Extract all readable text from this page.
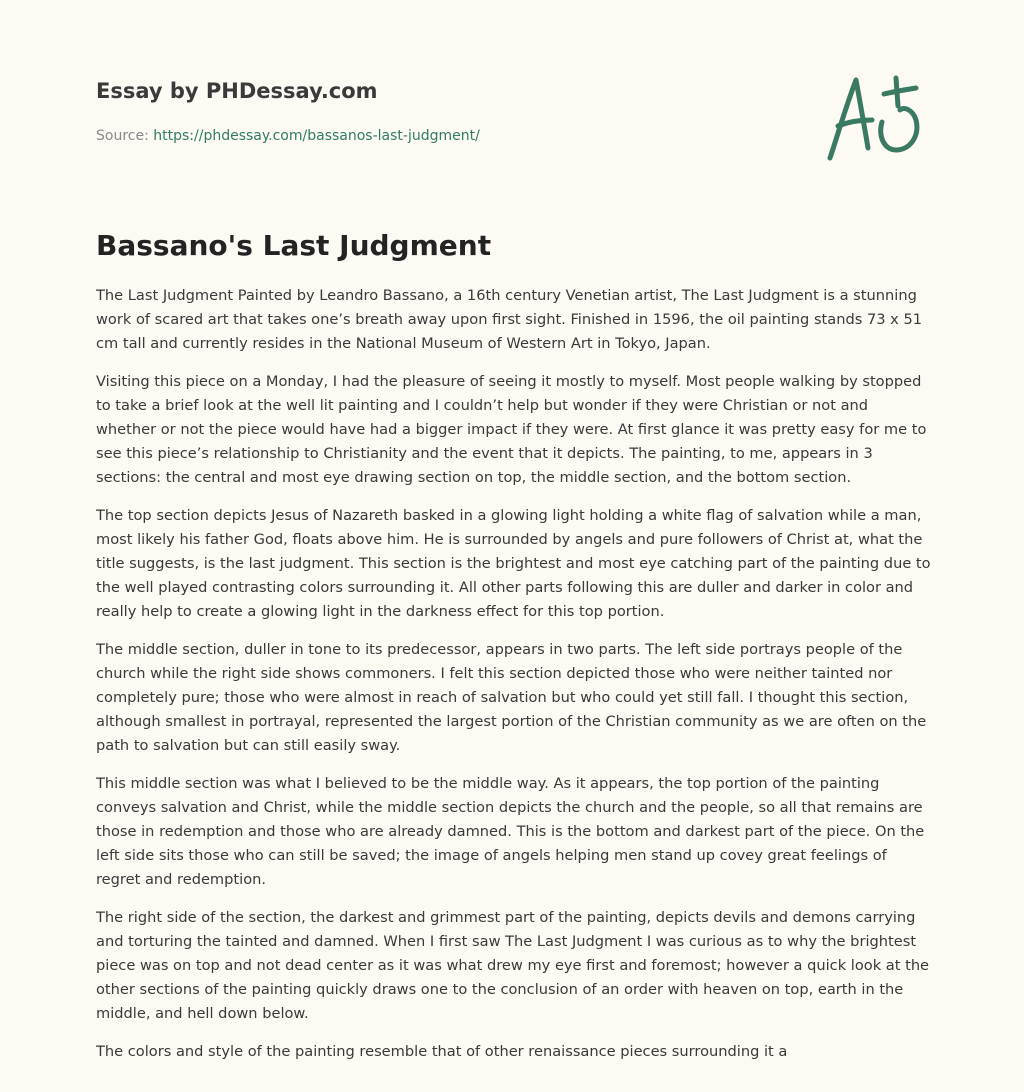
Essay by PHDessay.com
Source: https://phdessay.com/bassanos-last-judgment/
Bassano's Last Judgment

The Last Judgment Painted by Leandro Bassano, a 16th century Venetian artist, The Last Judgment is a stunning work of scared art that takes one’s breath away upon first sight. Finished in 1596, the oil painting stands 73 x 51 cm tall and currently resides in the National Museum of Western Art in Tokyo, Japan.

Visiting this piece on a Monday, I had the pleasure of seeing it mostly to myself. Most people walking by stopped to take a brief look at the well lit painting and I couldn’t help but wonder if they were Christian or not and whether or not the piece would have had a bigger impact if they were. At first glance it was pretty easy for me to see this piece’s relationship to Christianity and the event that it depicts. The painting, to me, appears in 3 sections: the central and most eye drawing section on top, the middle section, and the bottom section.

The top section depicts Jesus of Nazareth basked in a glowing light holding a white flag of salvation while a man, most likely his father God, floats above him. He is surrounded by angels and pure followers of Christ at, what the title suggests, is the last judgment. This section is the brightest and most eye catching part of the painting due to the well played contrasting colors surrounding it. All other parts following this are duller and darker in color and really help to create a glowing light in the darkness effect for this top portion.

The middle section, duller in tone to its predecessor, appears in two parts. The left side portrays people of the church while the right side shows commoners. I felt this section depicted those who were neither tainted nor completely pure; those who were almost in reach of salvation but who could yet still fall. I thought this section, although smallest in portrayal, represented the largest portion of the Christian community as we are often on the path to salvation but can still easily sway.

This middle section was what I believed to be the middle way. As it appears, the top portion of the painting conveys salvation and Christ, while the middle section depicts the church and the people, so all that remains are those in redemption and those who are already damned. This is the bottom and darkest part of the piece. On the left side sits those who can still be saved; the image of angels helping men stand up covey great feelings of regret and redemption.

The right side of the section, the darkest and grimmest part of the painting, depicts devils and demons carrying and torturing the tainted and damned. When I first saw The Last Judgment I was curious as to why the brightest piece was on top and not dead center as it was what drew my eye first and foremost; however a quick look at the other sections of the painting quickly draws one to the conclusion of an order with heaven on top, earth in the middle, and hell down below.

The colors and style of the painting resemble that of other renaissance pieces surrounding it a
